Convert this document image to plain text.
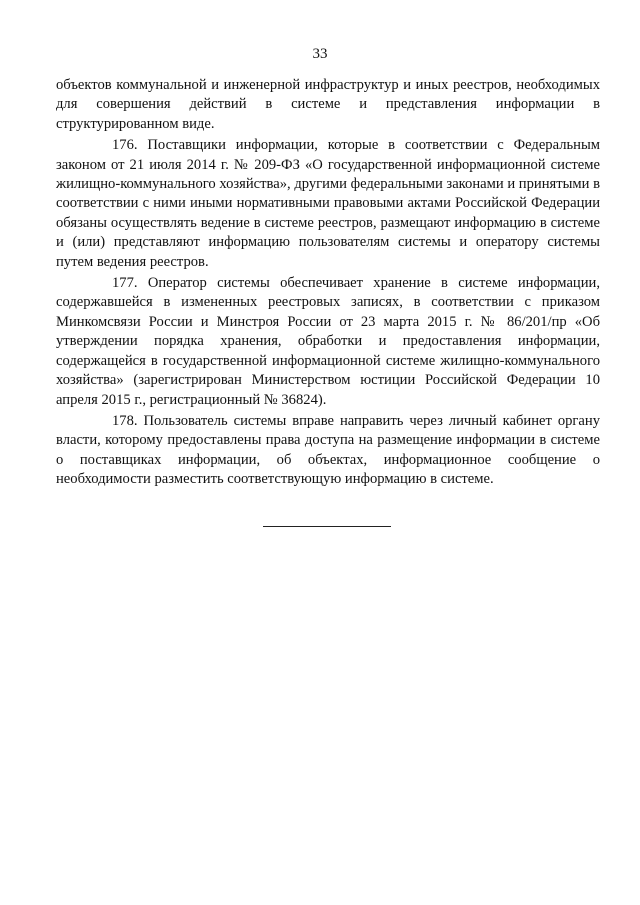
33

объектов коммунальной и инженерной инфраструктур и иных реестров, необходимых для совершения действий в системе и представления информации в структурированном виде.

176. Поставщики информации, которые в соответствии с Федеральным законом от 21 июля 2014 г. № 209-ФЗ «О государственной информационной системе жилищно-коммунального хозяйства», другими федеральными законами и принятыми в соответствии с ними иными нормативными правовыми актами Российской Федерации обязаны осуществлять ведение в системе реестров, размещают информацию в системе и (или) представляют информацию пользователям системы и оператору системы путем ведения реестров.

177. Оператор системы обеспечивает хранение в системе информации, содержавшейся в измененных реестровых записях, в соответствии с приказом Минкомсвязи России и Минстроя России от 23 марта 2015 г. № 86/201/пр «Об утверждении порядка хранения, обработки и предоставления информации, содержащейся в государственной информационной системе жилищно-коммунального хозяйства» (зарегистрирован Министерством юстиции Российской Федерации 10 апреля 2015 г., регистрационный № 36824).

178. Пользователь системы вправе направить через личный кабинет органу власти, которому предоставлены права доступа на размещение информации в системе о поставщиках информации, об объектах, информационное сообщение о необходимости разместить соответствующую информацию в системе.
